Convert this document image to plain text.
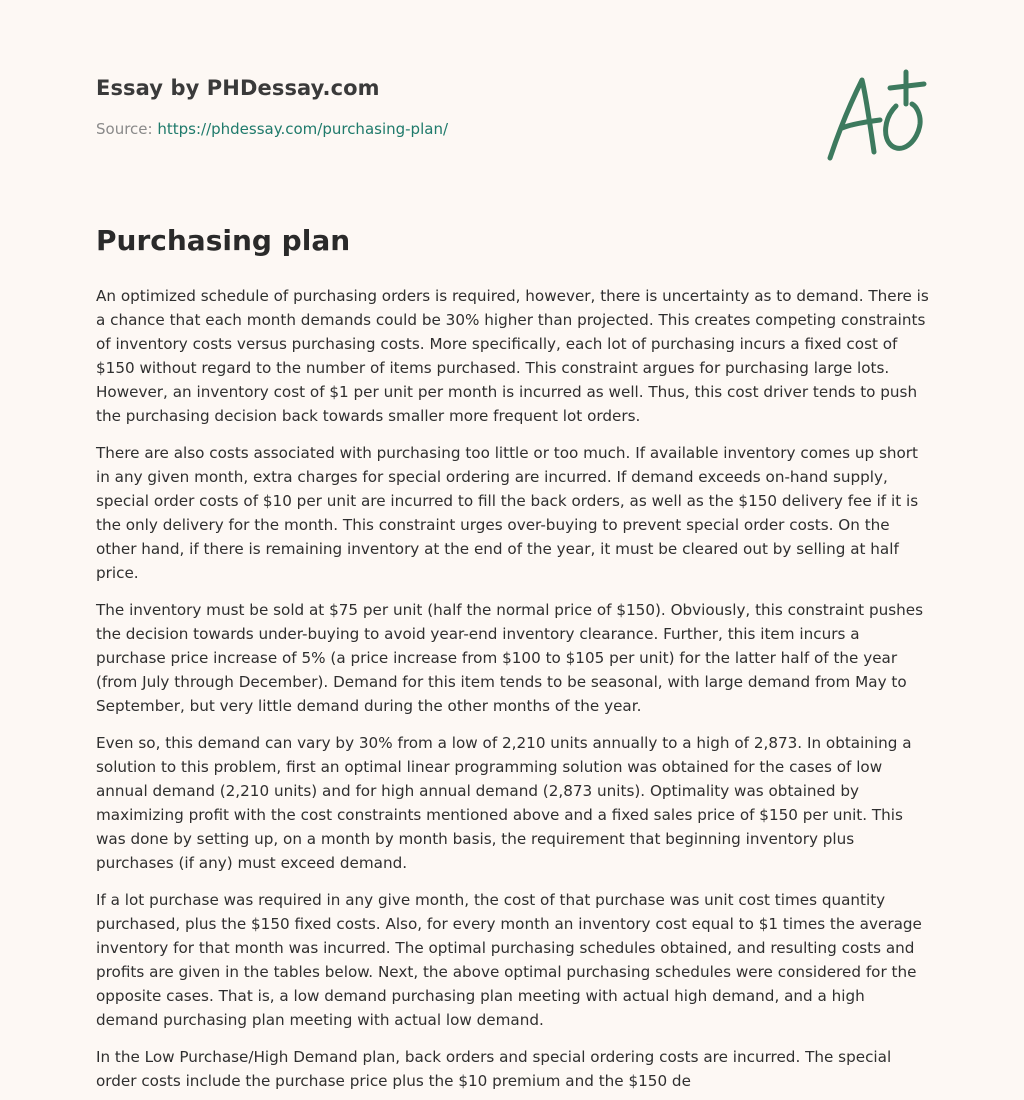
Essay by PHDessay.com

Source: https://phdessay.com/purchasing-plan/
Purchasing plan

An optimized schedule of purchasing orders is required, however, there is uncertainty as to demand. There is a chance that each month demands could be 30% higher than projected. This creates competing constraints of inventory costs versus purchasing costs. More specifically, each lot of purchasing incurs a fixed cost of $150 without regard to the number of items purchased. This constraint argues for purchasing large lots. However, an inventory cost of $1 per unit per month is incurred as well. Thus, this cost driver tends to push the purchasing decision back towards smaller more frequent lot orders.

There are also costs associated with purchasing too little or too much. If available inventory comes up short in any given month, extra charges for special ordering are incurred. If demand exceeds on-hand supply, special order costs of $10 per unit are incurred to fill the back orders, as well as the $150 delivery fee if it is the only delivery for the month. This constraint urges over-buying to prevent special order costs. On the other hand, if there is remaining inventory at the end of the year, it must be cleared out by selling at half price.

The inventory must be sold at $75 per unit (half the normal price of $150). Obviously, this constraint pushes the decision towards under-buying to avoid year-end inventory clearance. Further, this item incurs a purchase price increase of 5% (a price increase from $100 to $105 per unit) for the latter half of the year (from July through December). Demand for this item tends to be seasonal, with large demand from May to September, but very little demand during the other months of the year.

Even so, this demand can vary by 30% from a low of 2,210 units annually to a high of 2,873. In obtaining a solution to this problem, first an optimal linear programming solution was obtained for the cases of low annual demand (2,210 units) and for high annual demand (2,873 units). Optimality was obtained by maximizing profit with the cost constraints mentioned above and a fixed sales price of $150 per unit. This was done by setting up, on a month by month basis, the requirement that beginning inventory plus purchases (if any) must exceed demand.

If a lot purchase was required in any give month, the cost of that purchase was unit cost times quantity purchased, plus the $150 fixed costs. Also, for every month an inventory cost equal to $1 times the average inventory for that month was incurred. The optimal purchasing schedules obtained, and resulting costs and profits are given in the tables below. Next, the above optimal purchasing schedules were considered for the opposite cases. That is, a low demand purchasing plan meeting with actual high demand, and a high demand purchasing plan meeting with actual low demand.

In the Low Purchase/High Demand plan, back orders and special ordering costs are incurred. The special order costs include the purchase price plus the $10 premium and the $150 de
